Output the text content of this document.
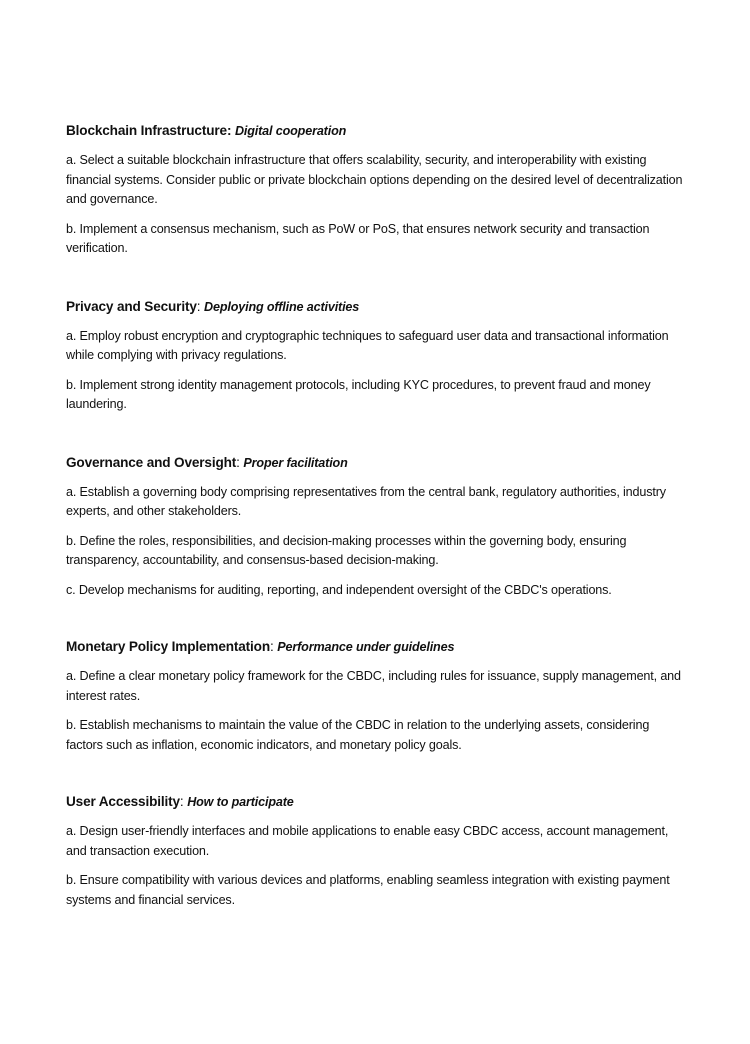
Blockchain Infrastructure: Digital cooperation

a. Select a suitable blockchain infrastructure that offers scalability, security, and interoperability with existing financial systems. Consider public or private blockchain options depending on the desired level of decentralization and governance.

b. Implement a consensus mechanism, such as PoW or PoS, that ensures network security and transaction verification.

Privacy and Security: Deploying offline activities

a. Employ robust encryption and cryptographic techniques to safeguard user data and transactional information while complying with privacy regulations.

b. Implement strong identity management protocols, including KYC procedures, to prevent fraud and money laundering.

Governance and Oversight: Proper facilitation

a. Establish a governing body comprising representatives from the central bank, regulatory authorities, industry experts, and other stakeholders.

b. Define the roles, responsibilities, and decision-making processes within the governing body, ensuring transparency, accountability, and consensus-based decision-making.

c. Develop mechanisms for auditing, reporting, and independent oversight of the CBDC's operations.

Monetary Policy Implementation: Performance under guidelines

a. Define a clear monetary policy framework for the CBDC, including rules for issuance, supply management, and interest rates.

b. Establish mechanisms to maintain the value of the CBDC in relation to the underlying assets, considering factors such as inflation, economic indicators, and monetary policy goals.

User Accessibility: How to participate

a. Design user-friendly interfaces and mobile applications to enable easy CBDC access, account management, and transaction execution.

b. Ensure compatibility with various devices and platforms, enabling seamless integration with existing payment systems and financial services.
